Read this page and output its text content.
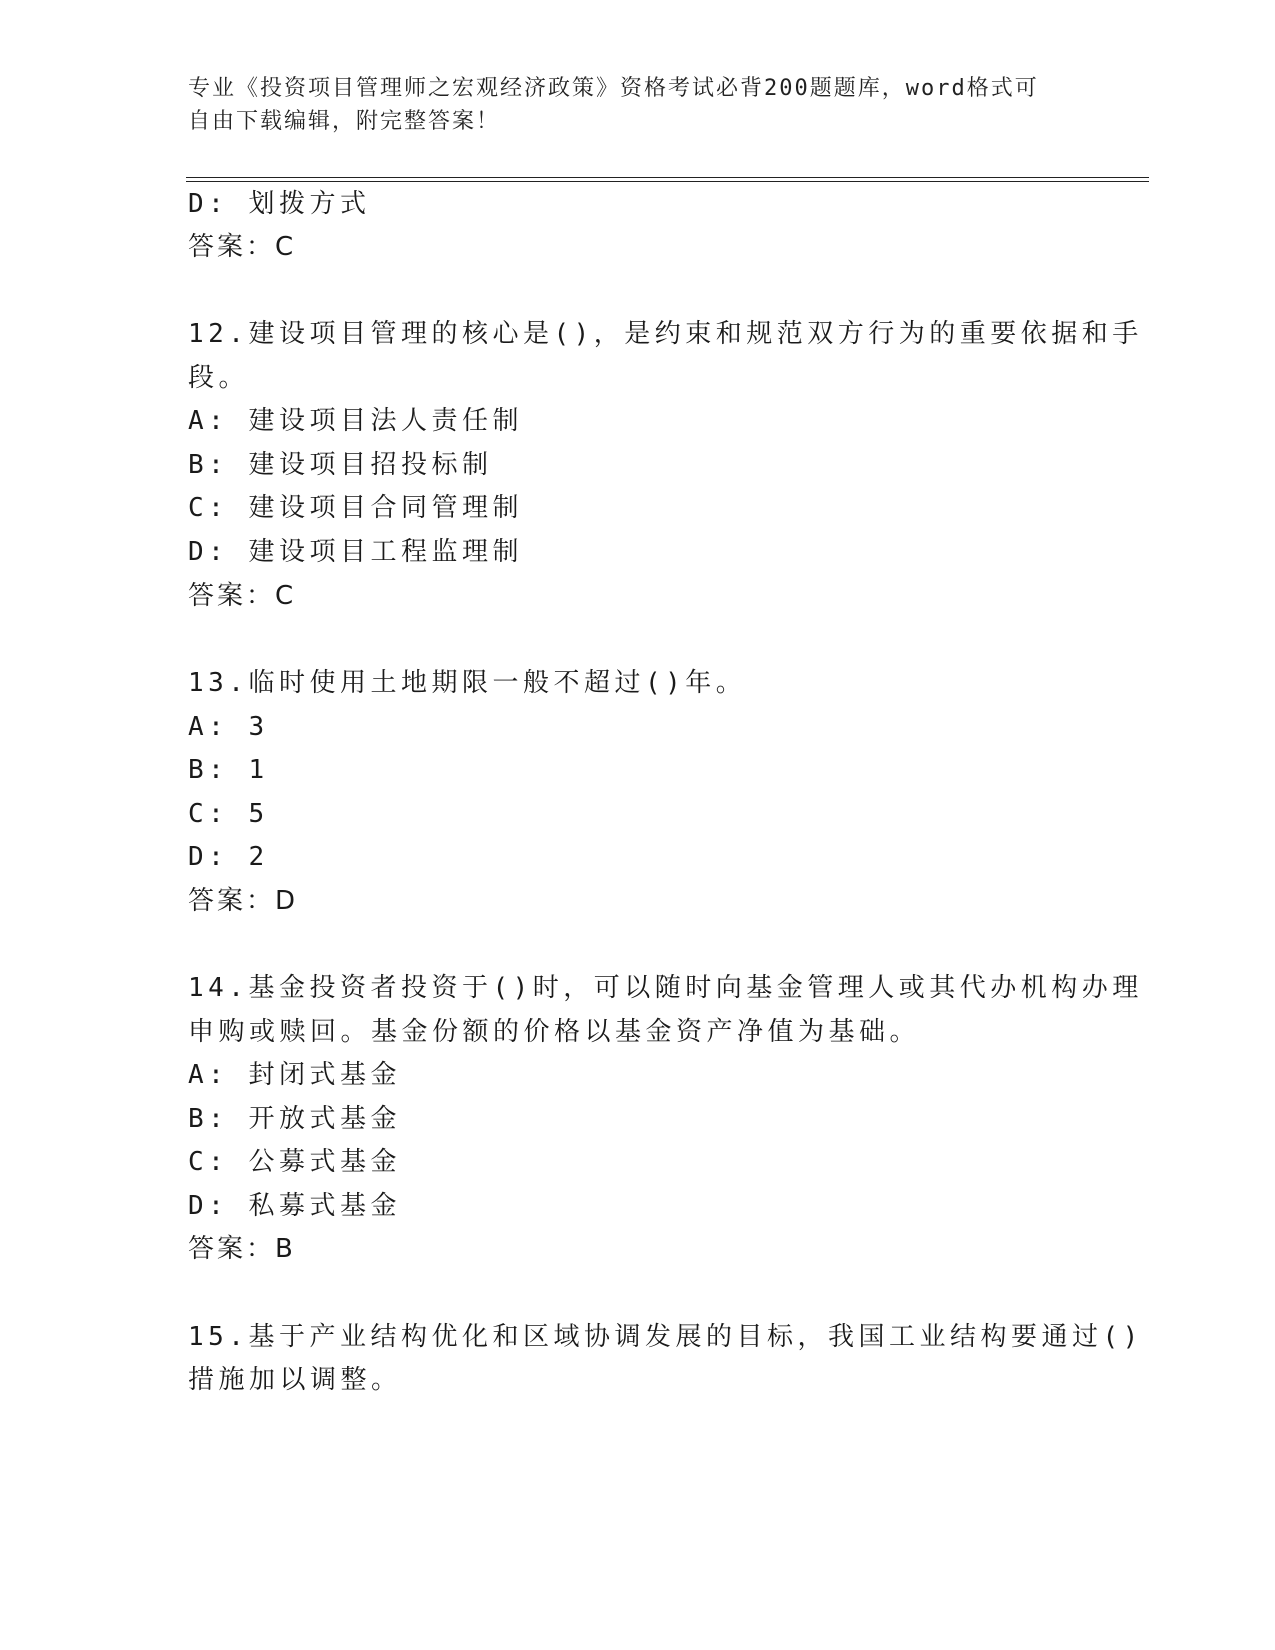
专业《投资项目管理师之宏观经济政策》资格考试必背200题题库，word格式可
自由下载编辑，附完整答案！
D: 划拨方式
答案：C
12.建设项目管理的核心是()，是约束和规范双方行为的重要依据和手
段。
A: 建设项目法人责任制
B: 建设项目招投标制
C: 建设项目合同管理制
D: 建设项目工程监理制
答案：C
13.临时使用土地期限一般不超过()年。
A: 3
B: 1
C: 5
D: 2
答案：D
14.基金投资者投资于()时，可以随时向基金管理人或其代办机构办理
申购或赎回。基金份额的价格以基金资产净值为基础。
A: 封闭式基金
B: 开放式基金
C: 公募式基金
D: 私募式基金
答案：B
15.基于产业结构优化和区域协调发展的目标，我国工业结构要通过()
措施加以调整。
